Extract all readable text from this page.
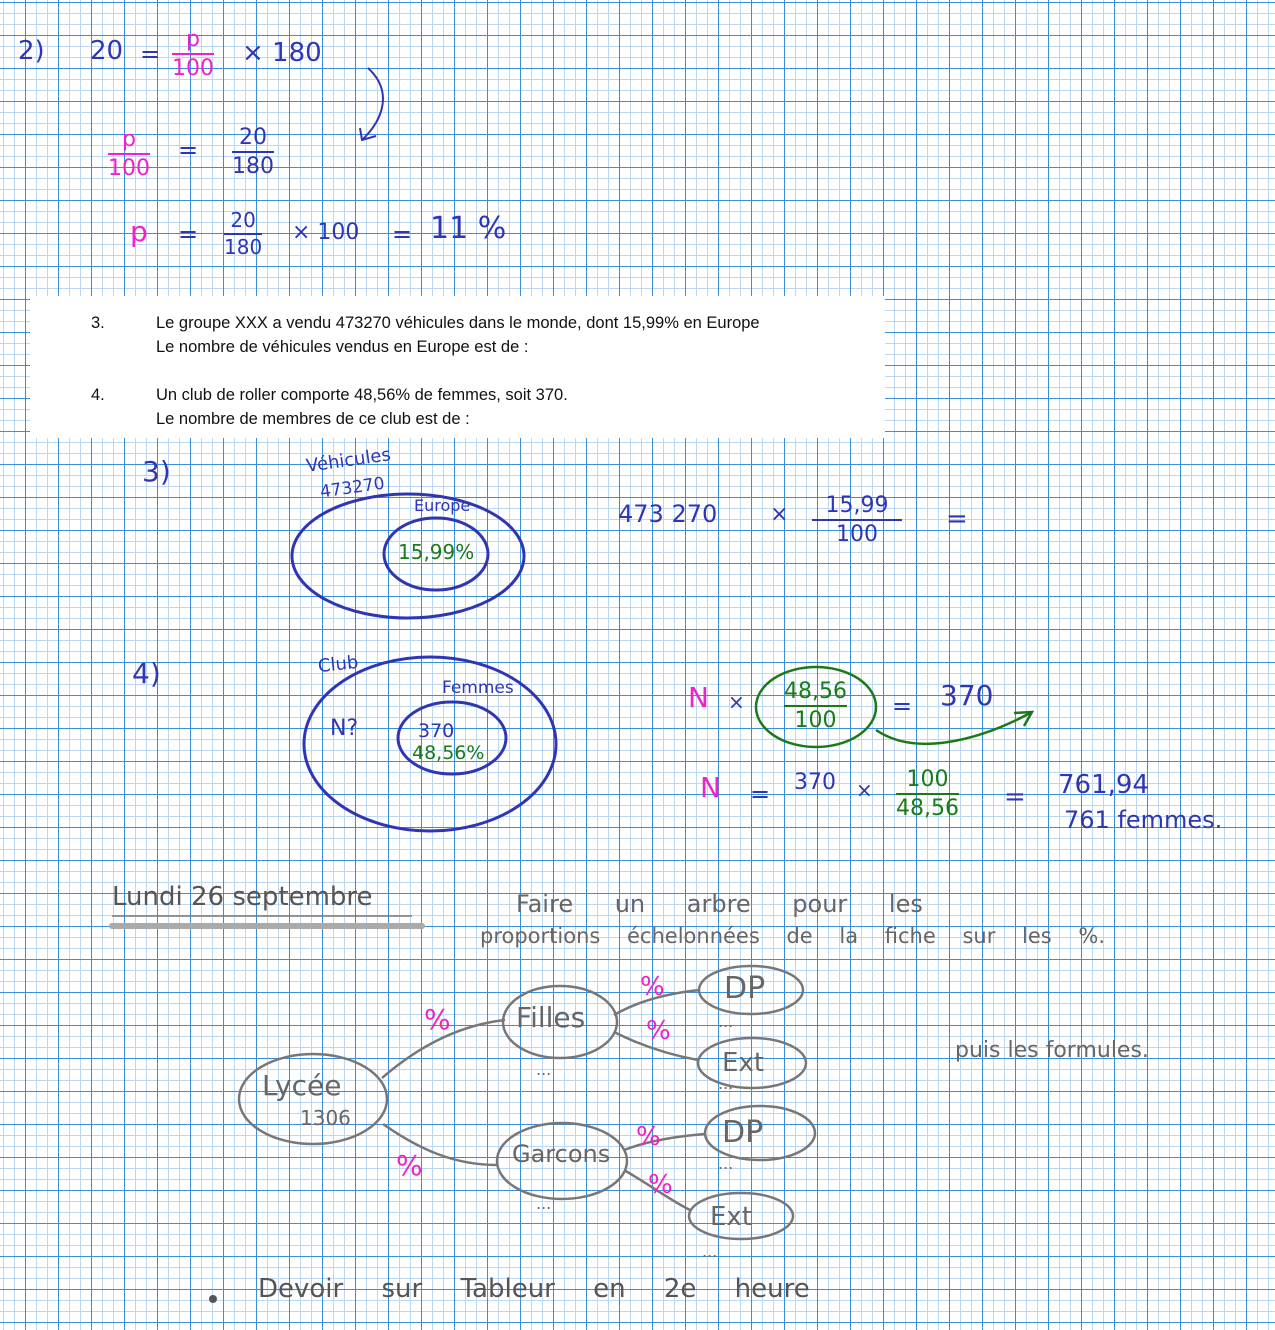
2) 20 =
p
100
× 180
p
100
= 20
180
p = 20
180
× 100 = 11 %
3.	Le groupe XXX a vendu 473270 véhicules dans le monde, dont 15,99% en Europe
Le nombre de véhicules vendus en Europe est de :
4.	Un club de roller comporte 48,56% de femmes, soit 370.
Le nombre de membres de ce club est de :
3)	Véhicules
473270
Europe
15,99%
473 270 × 15,99
100
=
4)	Club
N?
Femmes
370
48,56%
N × 48,56
100
= 370
N = 370 × 100
48,56 = 761,94
761 femmes.
Lundi 26 septembre	Faire un arbre pour les
proportions échelonnées de la fiche sur les %.
puis les formules.
Lycée
1306
Filles
...
Garcons
...
DP
...
Ext
...
DP
...
Ext
...
%
%
%
%
%
%
Devoir sur Tableur en 2e heure
